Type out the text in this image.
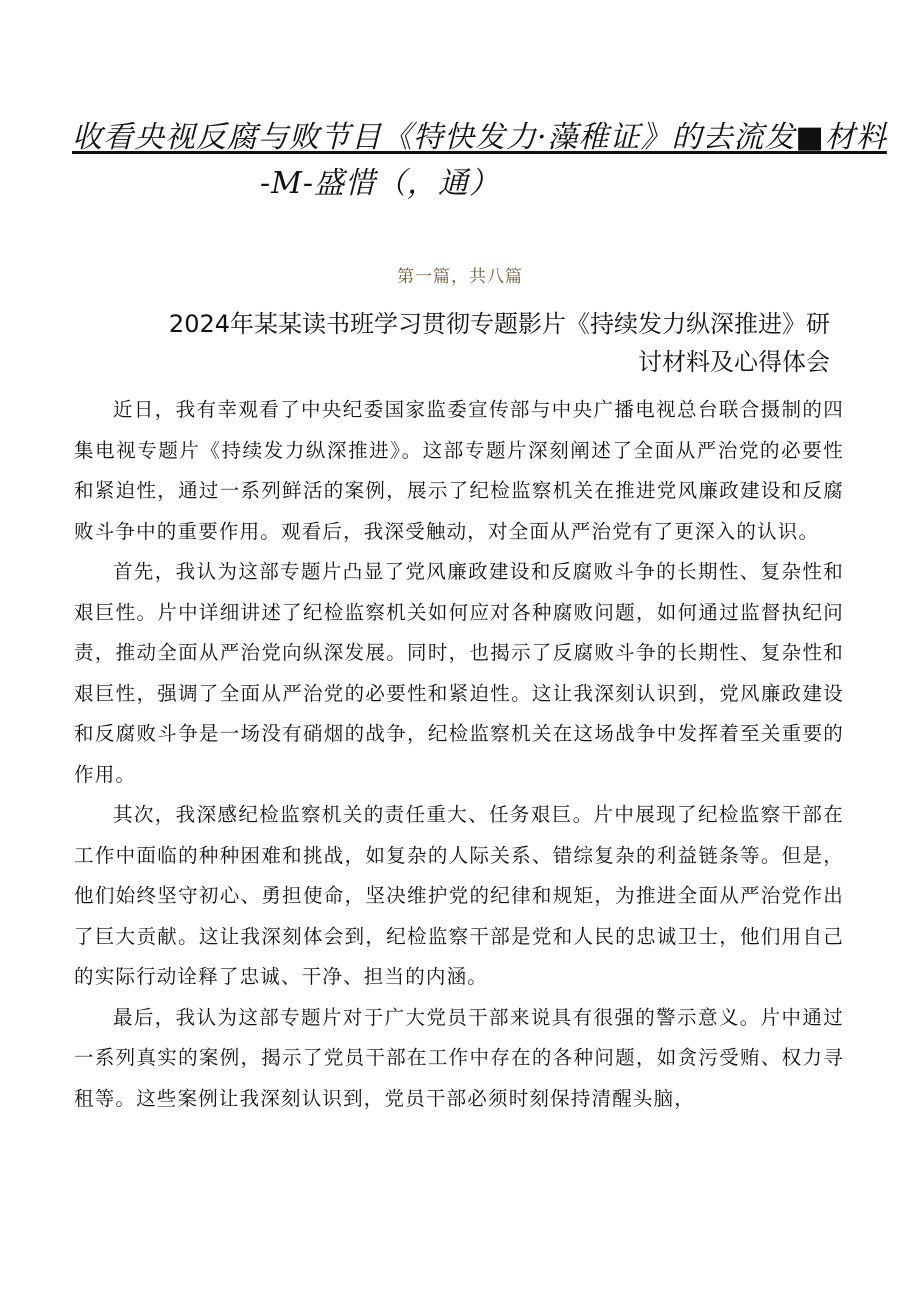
收看央视反腐与败节目《特快发力·藻稚证》的去流发■材料
-M-盛惜（，通）
第一篇，共八篇
2024年某某读书班学习贯彻专题影片《持续发力纵深推进》研
讨材料及心得体会

近日，我有幸观看了中央纪委国家监委宣传部与中央广播电视总台联合摄制的四集电视专题片《持续发力纵深推进》。这部专题片深刻阐述了全面从严治党的必要性和紧迫性，通过一系列鲜活的案例，展示了纪检监察机关在推进党风廉政建设和反腐败斗争中的重要作用。观看后，我深受触动，对全面从严治党有了更深入的认识。

首先，我认为这部专题片凸显了党风廉政建设和反腐败斗争的长期性、复杂性和艰巨性。片中详细讲述了纪检监察机关如何应对各种腐败问题，如何通过监督执纪问责，推动全面从严治党向纵深发展。同时，也揭示了反腐败斗争的长期性、复杂性和艰巨性，强调了全面从严治党的必要性和紧迫性。这让我深刻认识到，党风廉政建设和反腐败斗争是一场没有硝烟的战争，纪检监察机关在这场战争中发挥着至关重要的作用。

其次，我深感纪检监察机关的责任重大、任务艰巨。片中展现了纪检监察干部在工作中面临的种种困难和挑战，如复杂的人际关系、错综复杂的利益链条等。但是，他们始终坚守初心、勇担使命，坚决维护党的纪律和规矩，为推进全面从严治党作出了巨大贡献。这让我深刻体会到，纪检监察干部是党和人民的忠诚卫士，他们用自己的实际行动诠释了忠诚、干净、担当的内涵。

最后，我认为这部专题片对于广大党员干部来说具有很强的警示意义。片中通过一系列真实的案例，揭示了党员干部在工作中存在的各种问题，如贪污受贿、权力寻租等。这些案例让我深刻认识到，党员干部必须时刻保持清醒头脑，
